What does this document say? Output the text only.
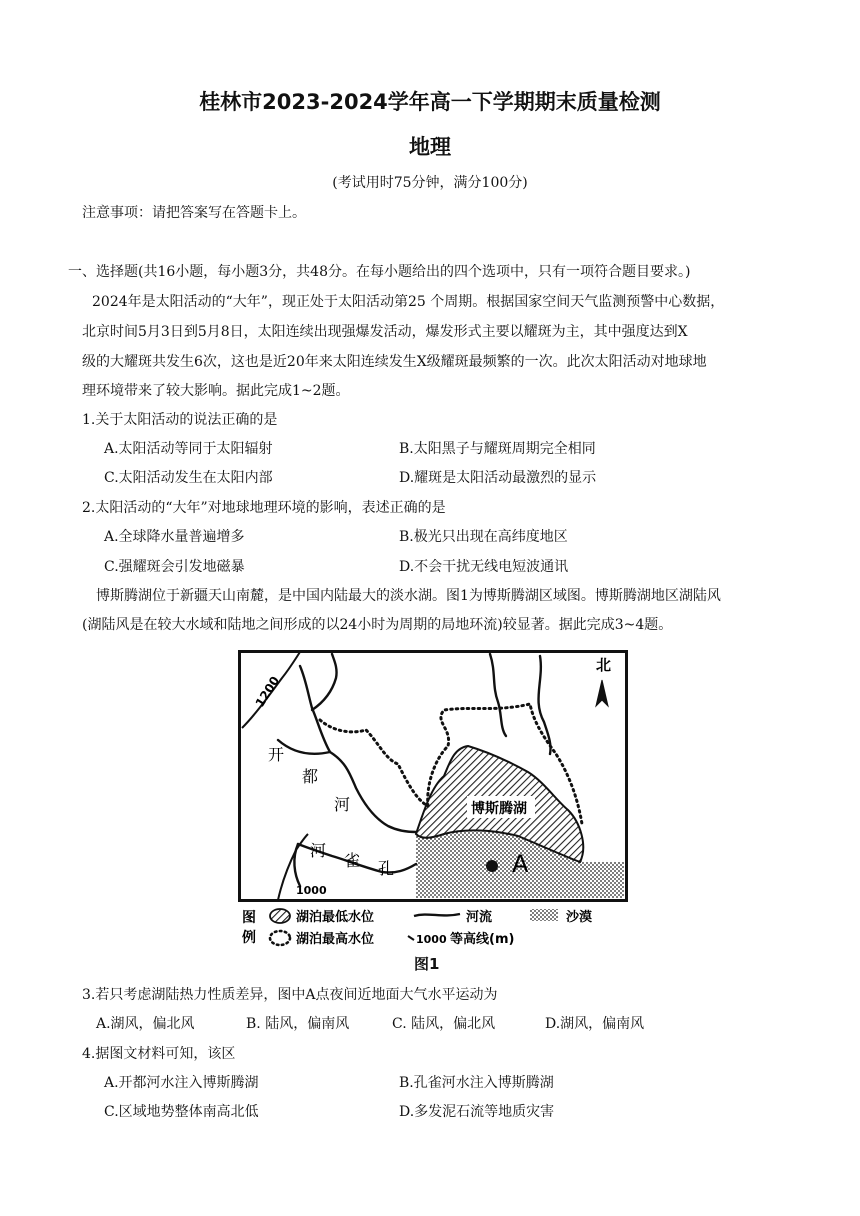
桂林市2023-2024学年高一下学期期末质量检测
地理
(考试用时75分钟，满分100分)
注意事项：请把答案写在答题卡上。
一、选择题(共16小题，每小题3分，共48分。在每小题给出的四个选项中，只有一项符合题目要求。)
2024年是太阳活动的“大年”，现正处于太阳活动第25 个周期。根据国家空间天气监测预警中心数据，
北京时间5月3日到5月8日，太阳连续出现强爆发活动，爆发形式主要以耀斑为主，其中强度达到X
级的大耀斑共发生6次，这也是近20年来太阳连续发生X级耀斑最频繁的一次。此次太阳活动对地球地
理环境带来了较大影响。据此完成1~2题。
1.关于太阳活动的说法正确的是
A.太阳活动等同于太阳辐射	B.太阳黑子与耀斑周期完全相同
C.太阳活动发生在太阳内部	D.耀斑是太阳活动最激烈的显示
2.太阳活动的“大年”对地球地理环境的影响，表述正确的是
A.全球降水量普遍增多	B.极光只出现在高纬度地区
C.强耀斑会引发地磁暴	D.不会干扰无线电短波通讯
博斯腾湖位于新疆天山南麓，是中国内陆最大的淡水湖。图1为博斯腾湖区域图。博斯腾湖地区湖陆风
(湖陆风是在较大水域和陆地之间形成的以24小时为周期的局地环流)较显著。据此完成3~4题。
北
1200
开
都
河
河
雀 孔
1000
博斯腾湖
A
图
例
湖泊最低水位	河流	沙漠
湖泊最高水位	1000 等高线(m)
图1
3.若只考虑湖陆热力性质差异，图中A点夜间近地面大气水平运动为
A.湖风，偏北风	B. 陆风，偏南风	C. 陆风，偏北风	D.湖风，偏南风
4.据图文材料可知，该区
A.开都河水注入博斯腾湖	B.孔雀河水注入博斯腾湖
C.区域地势整体南高北低	D.多发泥石流等地质灾害
